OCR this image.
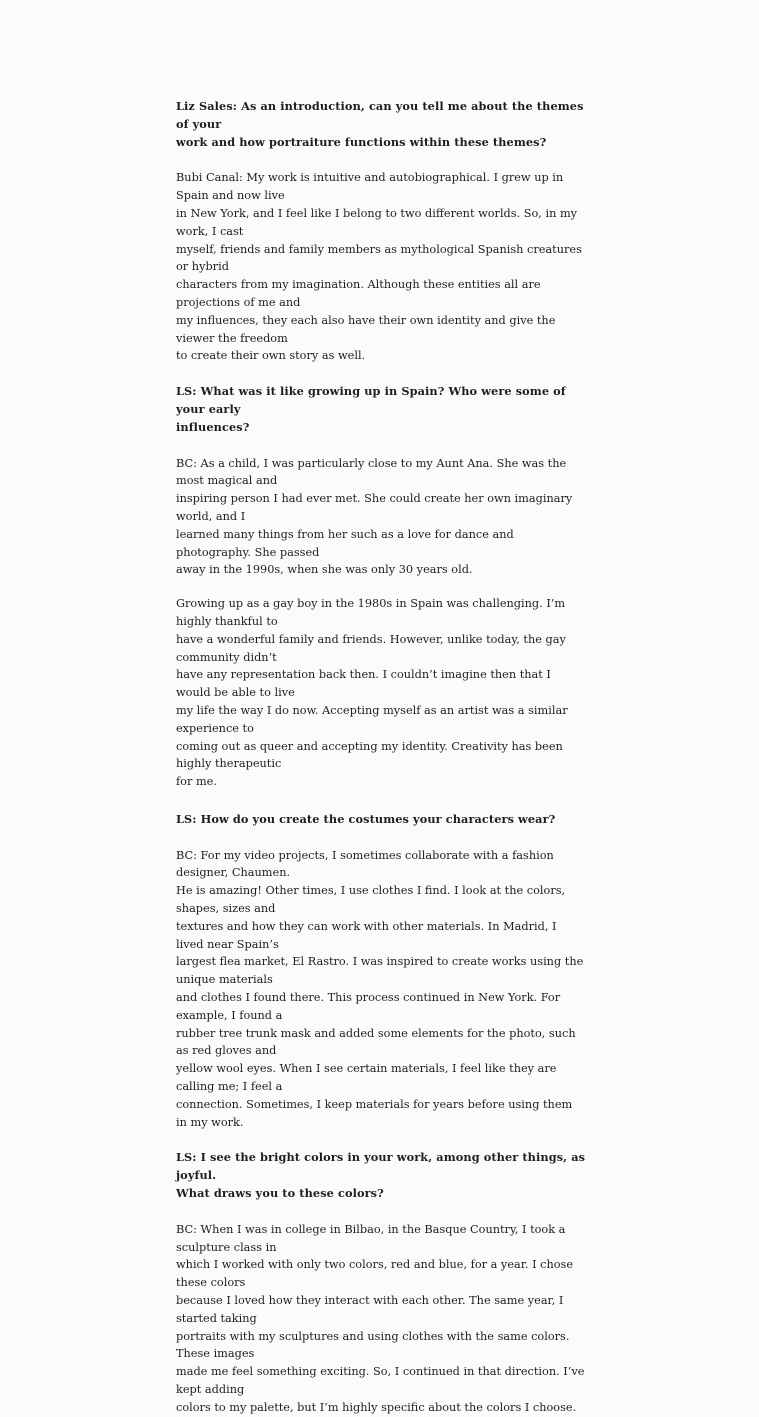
Liz Sales: As an introduction, can you tell me about the themes of your
work and how portraiture functions within these themes?

Bubi Canal: My work is intuitive and autobiographical. I grew up in Spain and now live
in New York, and I feel like I belong to two different worlds. So, in my work, I cast
myself, friends and family members as mythological Spanish creatures or hybrid
characters from my imagination. Although these entities all are projections of me and
my influences, they each also have their own identity and give the viewer the freedom
to create their own story as well.

LS: What was it like growing up in Spain? Who were some of your early
influences?

BC: As a child, I was particularly close to my Aunt Ana. She was the most magical and
inspiring person I had ever met. She could create her own imaginary world, and I
learned many things from her such as a love for dance and photography. She passed
away in the 1990s, when she was only 30 years old.

Growing up as a gay boy in the 1980s in Spain was challenging. I’m highly thankful to
have a wonderful family and friends. However, unlike today, the gay community didn’t
have any representation back then. I couldn’t imagine then that I would be able to live
my life the way I do now. Accepting myself as an artist was a similar experience to
coming out as queer and accepting my identity. Creativity has been highly therapeutic
for me.

LS: How do you create the costumes your characters wear?

BC: For my video projects, I sometimes collaborate with a fashion designer, Chaumen.
He is amazing! Other times, I use clothes I find. I look at the colors, shapes, sizes and
textures and how they can work with other materials. In Madrid, I lived near Spain’s
largest flea market, El Rastro. I was inspired to create works using the unique materials
and clothes I found there. This process continued in New York. For example, I found a
rubber tree trunk mask and added some elements for the photo, such as red gloves and
yellow wool eyes. When I see certain materials, I feel like they are calling me; I feel a
connection. Sometimes, I keep materials for years before using them in my work.

LS: I see the bright colors in your work, among other things, as joyful.
What draws you to these colors?

BC: When I was in college in Bilbao, in the Basque Country, I took a sculpture class in
which I worked with only two colors, red and blue, for a year. I chose these colors
because I loved how they interact with each other. The same year, I started taking
portraits with my sculptures and using clothes with the same colors. These images
made me feel something exciting. So, I continued in that direction. I’ve kept adding
colors to my palette, but I’m highly specific about the colors I choose.
